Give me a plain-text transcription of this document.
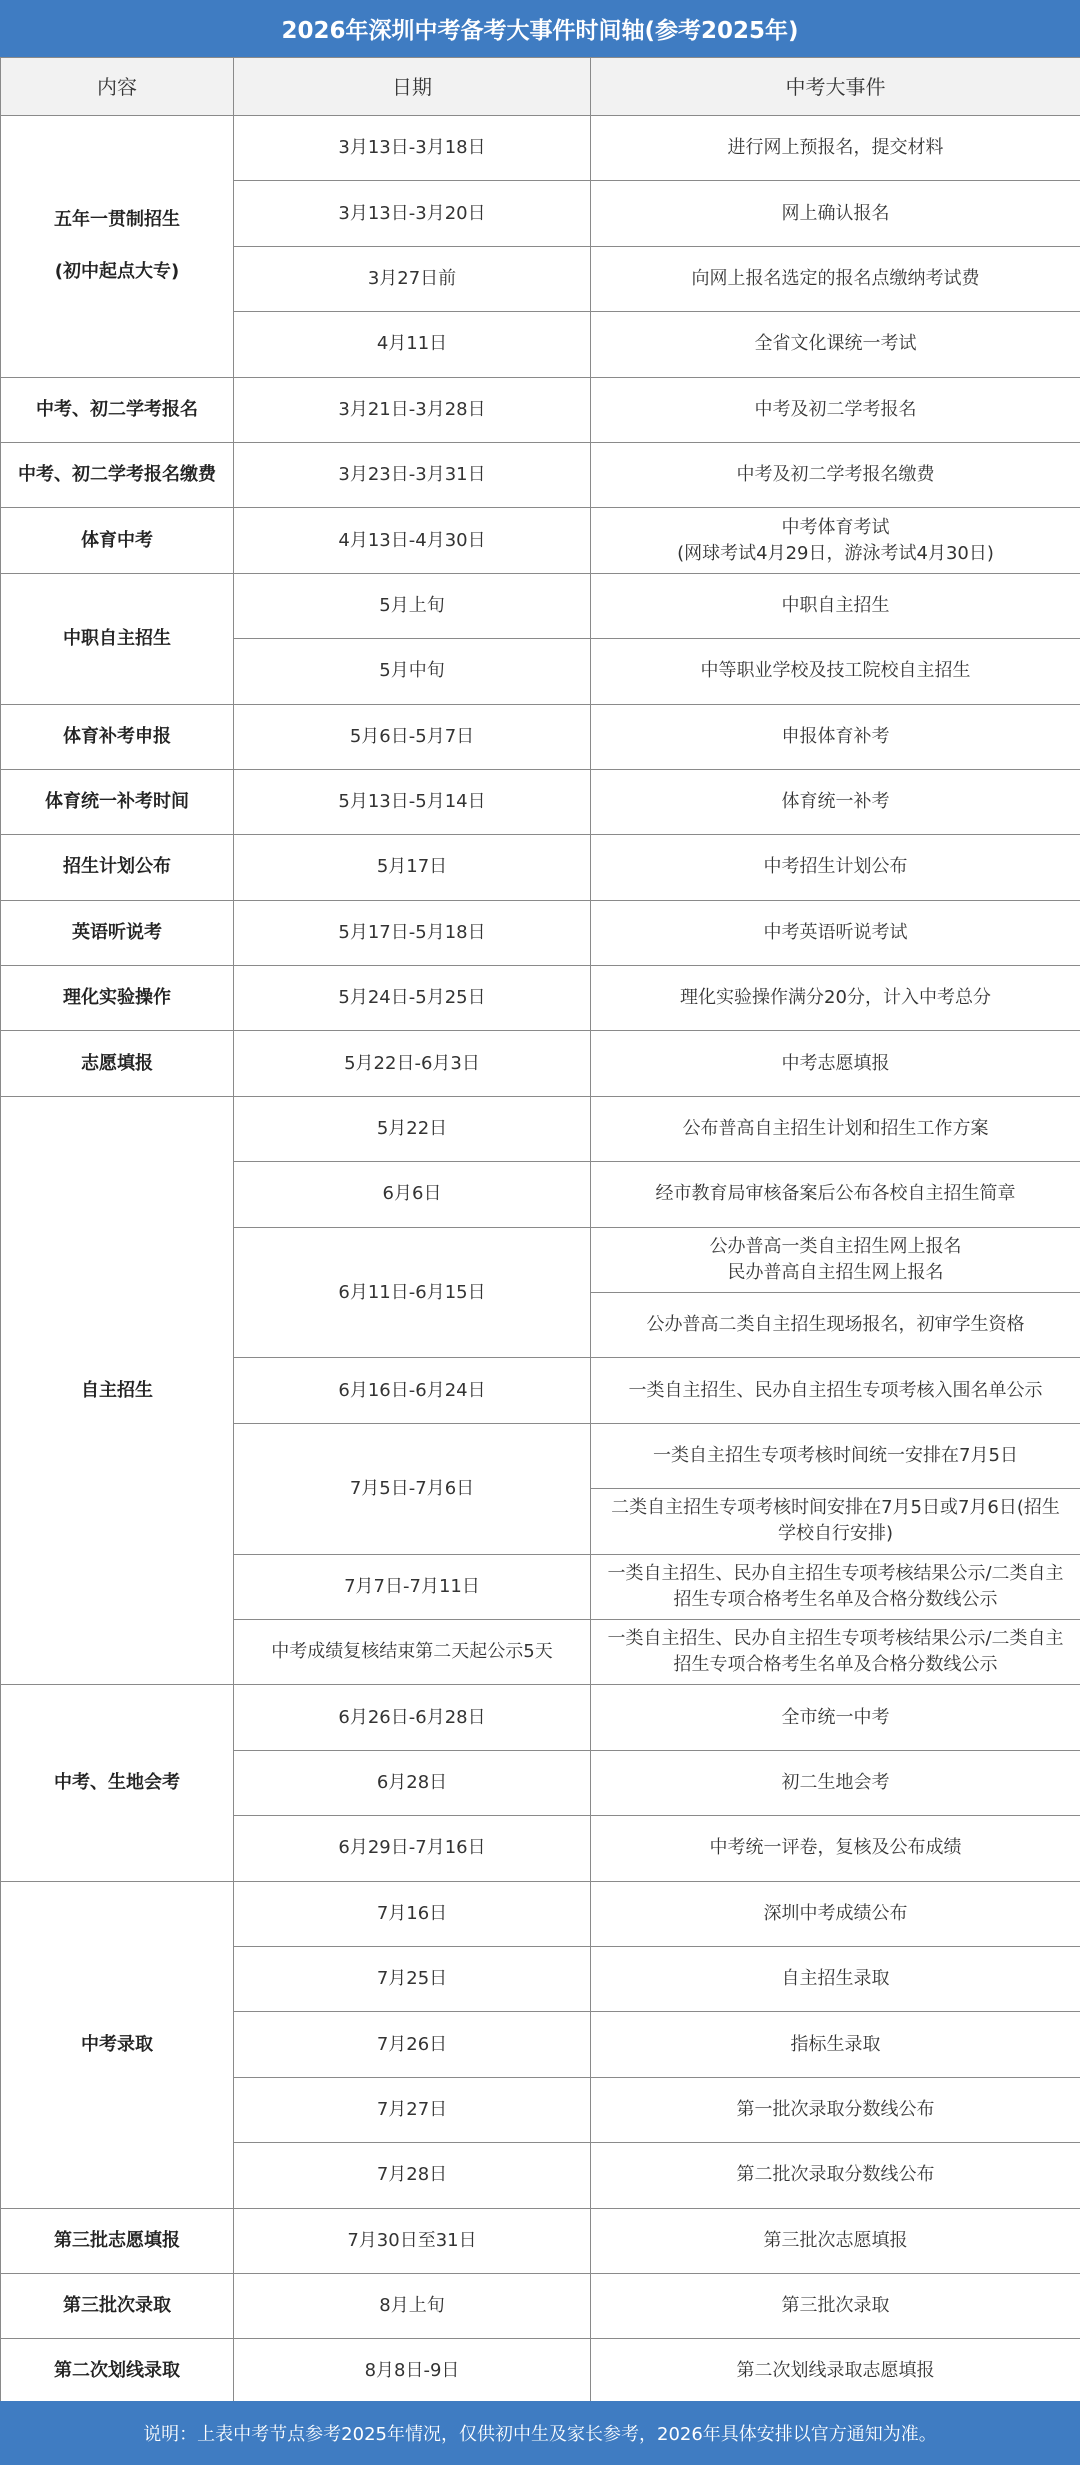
2026年深圳中考备考大事件时间轴(参考2025年)
内容	日期	中考大事件

五年一贯制招生
(初中起点大专)	3月13日-3月18日	进行网上预报名，提交材料

	3月13日-3月20日	网上确认报名

	3月27日前	向网上报名选定的报名点缴纳考试费

	4月11日	全省文化课统一考试

中考、初二学考报名	3月21日-3月28日	中考及初二学考报名

中考、初二学考报名缴费	3月23日-3月31日	中考及初二学考报名缴费

体育中考	4月13日-4月30日	中考体育考试
(网球考试4月29日，游泳考试4月30日)

中职自主招生	5月上旬	中职自主招生

	5月中旬	中等职业学校及技工院校自主招生

体育补考申报	5月6日-5月7日	申报体育补考

体育统一补考时间	5月13日-5月14日	体育统一补考

招生计划公布	5月17日	中考招生计划公布

英语听说考	5月17日-5月18日	中考英语听说考试

理化实验操作	5月24日-5月25日	理化实验操作满分20分，计入中考总分

志愿填报	5月22日-6月3日	中考志愿填报

自主招生	5月22日	公布普高自主招生计划和招生工作方案

	6月6日	经市教育局审核备案后公布各校自主招生简章

	6月11日-6月15日	公办普高一类自主招生网上报名
民办普高自主招生网上报名

		公办普高二类自主招生现场报名，初审学生资格

	6月16日-6月24日	一类自主招生、民办自主招生专项考核入围名单公示

	7月5日-7月6日	一类自主招生专项考核时间统一安排在7月5日

		二类自主招生专项考核时间安排在7月5日或7月6日(招生
学校自行安排)

	7月7日-7月11日	一类自主招生、民办自主招生专项考核结果公示/二类自主
招生专项合格考生名单及合格分数线公示

	中考成绩复核结束第二天起公示5天	一类自主招生、民办自主招生专项考核结果公示/二类自主
招生专项合格考生名单及合格分数线公示

中考、生地会考	6月26日-6月28日	全市统一中考

	6月28日	初二生地会考

	6月29日-7月16日	中考统一评卷，复核及公布成绩

中考录取	7月16日	深圳中考成绩公布

	7月25日	自主招生录取

	7月26日	指标生录取

	7月27日	第一批次录取分数线公布

	7月28日	第二批次录取分数线公布

第三批志愿填报	7月30日至31日	第三批次志愿填报

第三批次录取	8月上旬	第三批次录取

第二次划线录取	8月8日-9日	第二次划线录取志愿填报
说明：上表中考节点参考2025年情况，仅供初中生及家长参考，2026年具体安排以官方通知为准。
